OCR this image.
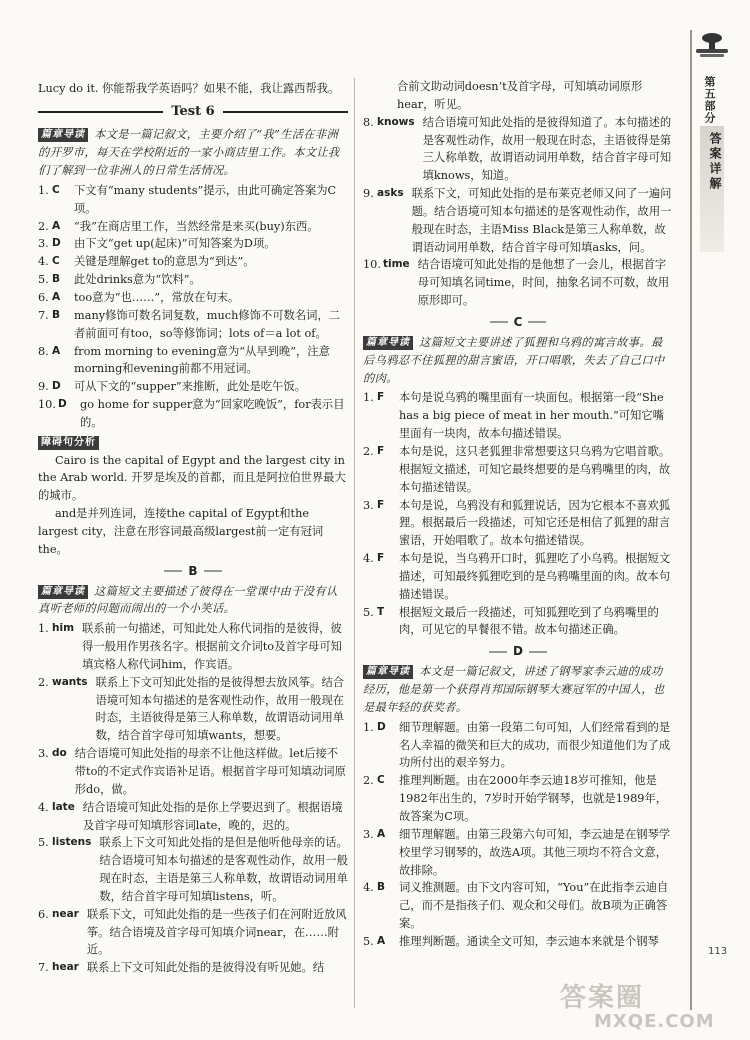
第五部分
答案详解

Lucy do it. 你能帮我学英语吗？如果不能，我让露西帮我。

Test 6

篇章导读 本文是一篇记叙文，主要介绍了“我”生活在非洲的开罗市，每天在学校附近的一家小商店里工作。本文让我们了解到一位非洲人的日常生活情况。

1. C	下文有“many students”提示，由此可确定答案为C项。
2. A	“我”在商店里工作，当然经常是来买(buy)东西。
3. D	由下文“get up(起床)”可知答案为D项。
4. C	关键是理解get to的意思为“到达”。
5. B	此处drinks意为“饮料”。
6. A	too意为“也……”，常放在句末。
7. B	many修饰可数名词复数，much修饰不可数名词，二者前面可有too，so等修饰词；lots of＝a lot of。
8. A	from morning to evening意为“从早到晚”，注意morning和evening前都不用冠词。
9. D	可从下文的“supper”来推断，此处是吃午饭。
10. D	go home for supper意为“回家吃晚饭”，for表示目的。
障碍句分析

Cairo is the capital of Egypt and the largest city in the Arab world. 开罗是埃及的首都，而且是阿拉伯世界最大的城市。

and是并列连词，连接the capital of Egypt和the largest city，注意在形容词最高级largest前一定有冠词the。

B

篇章导读 这篇短文主要描述了彼得在一堂课中由于没有认真听老师的问题而闹出的一个小笑话。

1. him 联系前一句描述，可知此处人称代词指的是彼得，彼得一般用作男孩名字。根据前文介词to及首字母可知填宾格人称代词him，作宾语。
2. wants 联系上下文可知此处指的是彼得想去放风筝。结合语境可知本句描述的是客观性动作，故用一般现在时态，主语彼得是第三人称单数，故谓语动词用单数，结合首字母可知填wants，想要。
3. do 结合语境可知此处指的母亲不让他这样做。let后接不带to的不定式作宾语补足语。根据首字母可知填动词原形do，做。
4. late 结合语境可知此处指的是你上学要迟到了。根据语境及首字母可知填形容词late，晚的，迟的。
5. listens 联系上下文可知此处指的是但是他听他母亲的话。结合语境可知本句描述的是客观性动作，故用一般现在时态，主语是第三人称单数，故谓语动词用单数，结合首字母可知填listens，听。
6. near 联系下文，可知此处指的是一些孩子们在河附近放风筝。结合语境及首字母可知填介词near，在……附近。
7. hear 联系上下文可知此处指的是彼得没有听见她。结

合前文助动词doesn’t及首字母，可知填动词原形hear，听见。

8. knows 结合语境可知此处指的是彼得知道了。本句描述的是客观性动作，故用一般现在时态，主语彼得是第三人称单数，故谓语动词用单数，结合首字母可知填knows，知道。
9. asks 联系下文，可知此处指的是布莱克老师又问了一遍问题。结合语境可知本句描述的是客观性动作，故用一般现在时态，主语Miss Black是第三人称单数，故谓语动词用单数，结合首字母可知填asks，问。
10. time 结合语境可知此处指的是他想了一会儿，根据首字母可知填名词time，时间，抽象名词不可数，故用原形即可。
C

篇章导读 这篇短文主要讲述了狐狸和乌鸦的寓言故事。最后乌鸦忍不住狐狸的甜言蜜语，开口唱歌，失去了自己口中的肉。

1. F	本句是说乌鸦的嘴里面有一块面包。根据第一段“She has a big piece of meat in her mouth.”可知它嘴里面有一块肉，故本句描述错误。
2. F	本句是说，这只老狐狸非常想要这只乌鸦为它唱首歌。根据短文描述，可知它最终想要的是乌鸦嘴里的肉，故本句描述错误。
3. F	本句是说，乌鸦没有和狐狸说话，因为它根本不喜欢狐狸。根据最后一段描述，可知它还是相信了狐狸的甜言蜜语，开始唱歌了。故本句描述错误。
4. F	本句是说，当乌鸦开口时，狐狸吃了小乌鸦。根据短文描述，可知最终狐狸吃到的是乌鸦嘴里面的肉。故本句描述错误。
5. T	根据短文最后一段描述，可知狐狸吃到了乌鸦嘴里的肉，可见它的早餐很不错。故本句描述正确。
D

篇章导读 本文是一篇记叙文，讲述了钢琴家李云迪的成功经历，他是第一个获得肖邦国际钢琴大赛冠军的中国人，也是最年轻的获奖者。

1. D	细节理解题。由第一段第二句可知，人们经常看到的是名人幸福的微笑和巨大的成功，而很少知道他们为了成功所付出的艰辛努力。
2. C	推理判断题。由在2000年李云迪18岁可推知，他是1982年出生的，7岁时开始学钢琴，也就是1989年，故答案为C项。
3. A	细节理解题。由第三段第六句可知，李云迪是在钢琴学校里学习钢琴的，故选A项。其他三项均不符合文意，故排除。
4. B	词义推测题。由下文内容可知，“You”在此指李云迪自己，而不是指孩子们、观众和父母们。故B项为正确答案。
5. A	推理判断题。通读全文可知，李云迪本来就是个钢琴
113
答案圈
MXQE.COM
